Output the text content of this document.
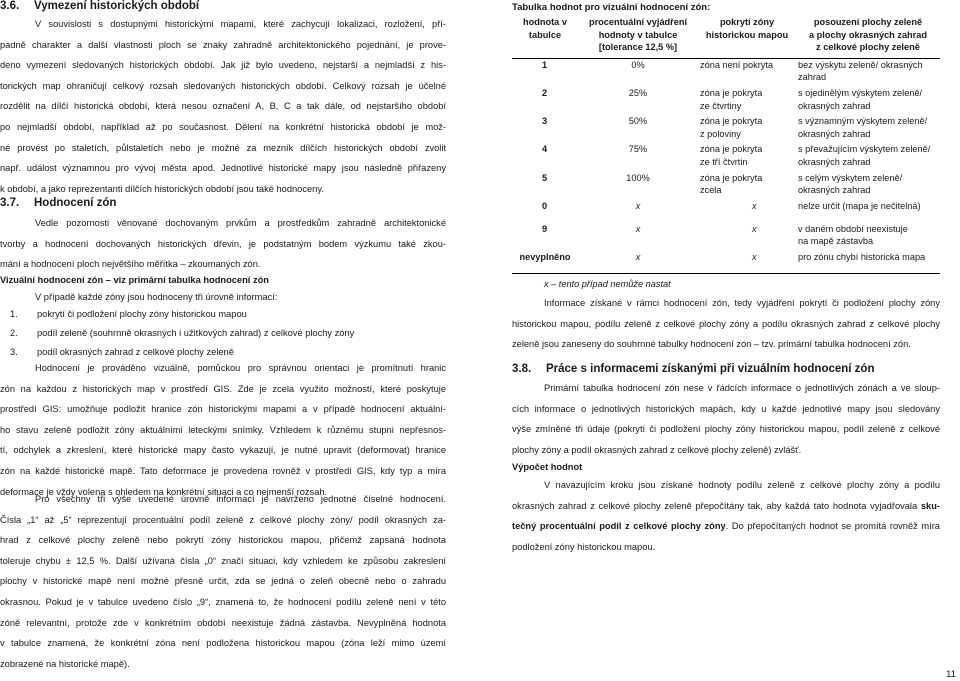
3.6. Vymezení historických období
V souvislosti s dostupnými historickými mapami, které zachycují lokalizaci, rozložení, pří-
padně charakter a další vlastnosti ploch se znaky zahradně architektonického pojednání, je prove-
deno vymezení sledovaných historických období. Jak již bylo uvedeno, nejstarší a nejmladší z his-
torických map ohraničují celkový rozsah sledovaných historických období. Celkový rozsah je účelné
rozdělit na dílčí historická období, která nesou označení A, B, C a tak dále, od nejstaršího období
po nejmladší období, například až po současnost. Dělení na konkrétní historická období je mož-
né provést po staletích, půlstaletích nebo je možné za mezník dílčích historických období zvolit
např. událost významnou pro vývoj města apod. Jednotlivé historické mapy jsou následně přiřazeny
k období, a jako reprezentanti dílčích historických období jsou také hodnoceny.
3.7. Hodnocení zón
Vedle pozornosti věnované dochovaným prvkům a prostředkům zahradně architektonické
tvorby a hodnocení dochovaných historických dřevin, je podstatným bodem výzkumu také zkou-
mání a hodnocení ploch největšího měřítka – zkoumaných zón.
Vizuální hodnocení zón – viz primární tabulka hodnocení zón
V případě každé zóny jsou hodnoceny tři úrovně informací:
1. pokrytí či podložení plochy zóny historickou mapou
2. podíl zeleně (souhrnně okrasných i užitkových zahrad) z celkové plochy zóny
3. podíl okrasných zahrad z celkové plochy zeleně
Hodnocení je prováděno vizuálně, pomůckou pro správnou orientaci je promítnutí hranic
zón na každou z historických map v prostředí GIS. Zde je zcela využito možností, které poskytuje
prostředí GIS: umožňuje podložit hranice zón historickými mapami a v případě hodnocení aktuální-
ho stavu zeleně podložit zóny aktuálními leteckými snímky. Vzhledem k různému stupni nepřesnos-
tí, odchylek a zkreslení, které historické mapy často vykazují, je nutné upravit (deformovat) hranice
zón na každé historické mapě. Tato deformace je provedena rovněž v prostředí GIS, kdy typ a míra
deformace je vždy volena s ohledem na konkrétní situaci a co nejmenší rozsah.
Pro všechny tři výše uvedené úrovně informací je navrženo jednotné číselné hodnocení.
Čísla „1“ až „5“ reprezentují procentuální podíl zeleně z celkové plochy zóny/ podíl okrasných za-
hrad z celkové plochy zeleně nebo pokrytí zóny historickou mapou, přičemž zapsaná hodnota
toleruje chybu ± 12,5 %. Další užívaná čísla „0“ značí situaci, kdy vzhledem ke způsobu zakreslení
plochy v historické mapě není možné přesně určit, zda se jedná o zeleň obecně nebo o zahradu
okrasnou. Pokud je v tabulce uvedeno číslo „9“, znamená to, že hodnocení podílu zeleně není v této
zóně relevantní, protože zde v konkrétním období neexistuje žádná zástavba. Nevyplněná hodnota
v tabulce znamená, že konkrétní zóna není podložena historickou mapou (zóna leží mimo území
zobrazené na historické mapě).
Tabulka hodnot pro vizuální hodnocení zón:
hodnota v
tabulce	procentuální vyjádření
hodnoty v tabulce
[tolerance 12,5 %]	pokrytí zóny
historickou mapou	posouzení plochy zeleně
a plochy okrasných zahrad
z celkové plochy zeleně
1	0%	zóna není pokryta	bez výskytu zeleně/ okrasných
zahrad
2	25%	zóna je pokryta
ze čtvrtiny	s ojedinělým výskytem zeleně/
okrasných zahrad
3	50%	zóna je pokryta
z poloviny	s významným výskytem zeleně/
okrasných zahrad
4	75%	zóna je pokryta
ze tří čtvrtin	s převažujícím výskytem zeleně/
okrasných zahrad
5	100%	zóna je pokryta
zcela	s celým výskytem zeleně/
okrasných zahrad
0	x	x	nelze určit (mapa je nečitelná)
9	x	x	v daném období neexistuje
na mapě zástavba
nevyplněno	x	x	pro zónu chybí historická mapa
x – tento případ nemůže nastat
Informace získané v rámci hodnocení zón, tedy vyjádření pokrytí či podložení plochy zóny
historickou mapou, podílu zeleně z celkové plochy zóny a podílu okrasných zahrad z celkové plochy
zeleně jsou zaneseny do souhrnné tabulky hodnocení zón – tzv. primární tabulka hodnocení zón.
3.8. Práce s informacemi získanými při vizuálním hodnocení zón
Primární tabulka hodnocení zón nese v řádcích informace o jednotlivých zónách a ve sloup-
cích informace o jednotlivých historických mapách, kdy u každé jednotlivé mapy jsou sledovány
výše zmíněné tři údaje (pokrytí či podložení plochy zóny historickou mapou, podíl zeleně z celkové
plochy zóny a podíl okrasných zahrad z celkové plochy zeleně) zvlášť.
Výpočet hodnot
V navazujícím kroku jsou získané hodnoty podílu zeleně z celkové plochy zóny a podílu
okrasných zahrad z celkové plochy zeleně přepočítány tak, aby každá tato hodnota vyjadřovala sku-
tečný procentuální podíl z celkové plochy zóny. Do přepočítaných hodnot se promítá rovněž míra
podložení zóny historickou mapou.
11
